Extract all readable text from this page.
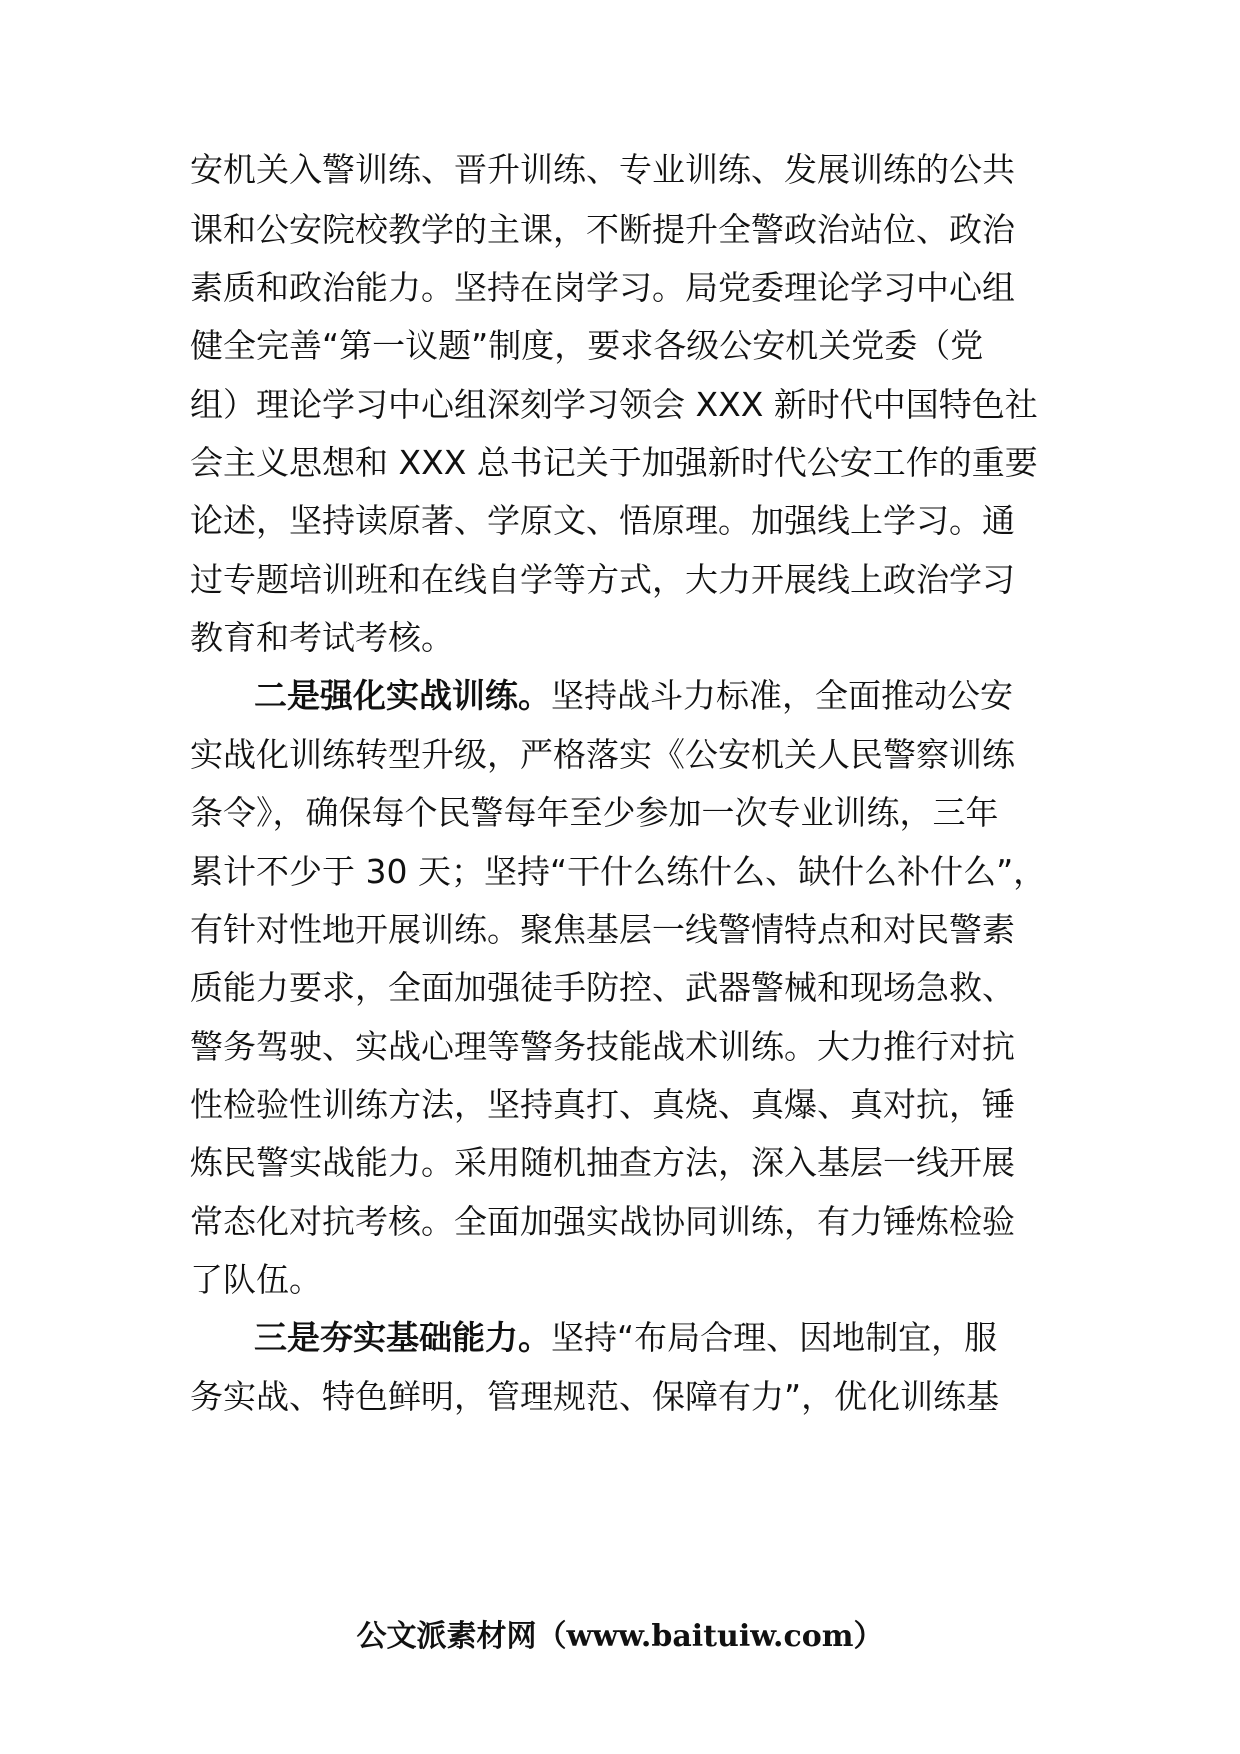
安机关入警训练、晋升训练、专业训练、发展训练的公共
课和公安院校教学的主课，不断提升全警政治站位、政治
素质和政治能力。坚持在岗学习。局党委理论学习中心组
健全完善“第一议题”制度，要求各级公安机关党委（党
组）理论学习中心组深刻学习领会 XXX 新时代中国特色社
会主义思想和 XXX 总书记关于加强新时代公安工作的重要
论述，坚持读原著、学原文、悟原理。加强线上学习。通
过专题培训班和在线自学等方式，大力开展线上政治学习
教育和考试考核。
二是强化实战训练。坚持战斗力标准，全面推动公安
实战化训练转型升级，严格落实《公安机关人民警察训练
条令》，确保每个民警每年至少参加一次专业训练，三年
累计不少于 30 天；坚持“干什么练什么、缺什么补什么”，
有针对性地开展训练。聚焦基层一线警情特点和对民警素
质能力要求，全面加强徒手防控、武器警械和现场急救、
警务驾驶、实战心理等警务技能战术训练。大力推行对抗
性检验性训练方法，坚持真打、真烧、真爆、真对抗，锤
炼民警实战能力。采用随机抽查方法，深入基层一线开展
常态化对抗考核。全面加强实战协同训练，有力锤炼检验
了队伍。
三是夯实基础能力。坚持“布局合理、因地制宜，服
务实战、特色鲜明，管理规范、保障有力”，优化训练基
公文派素材网（www.baituiw.com）
